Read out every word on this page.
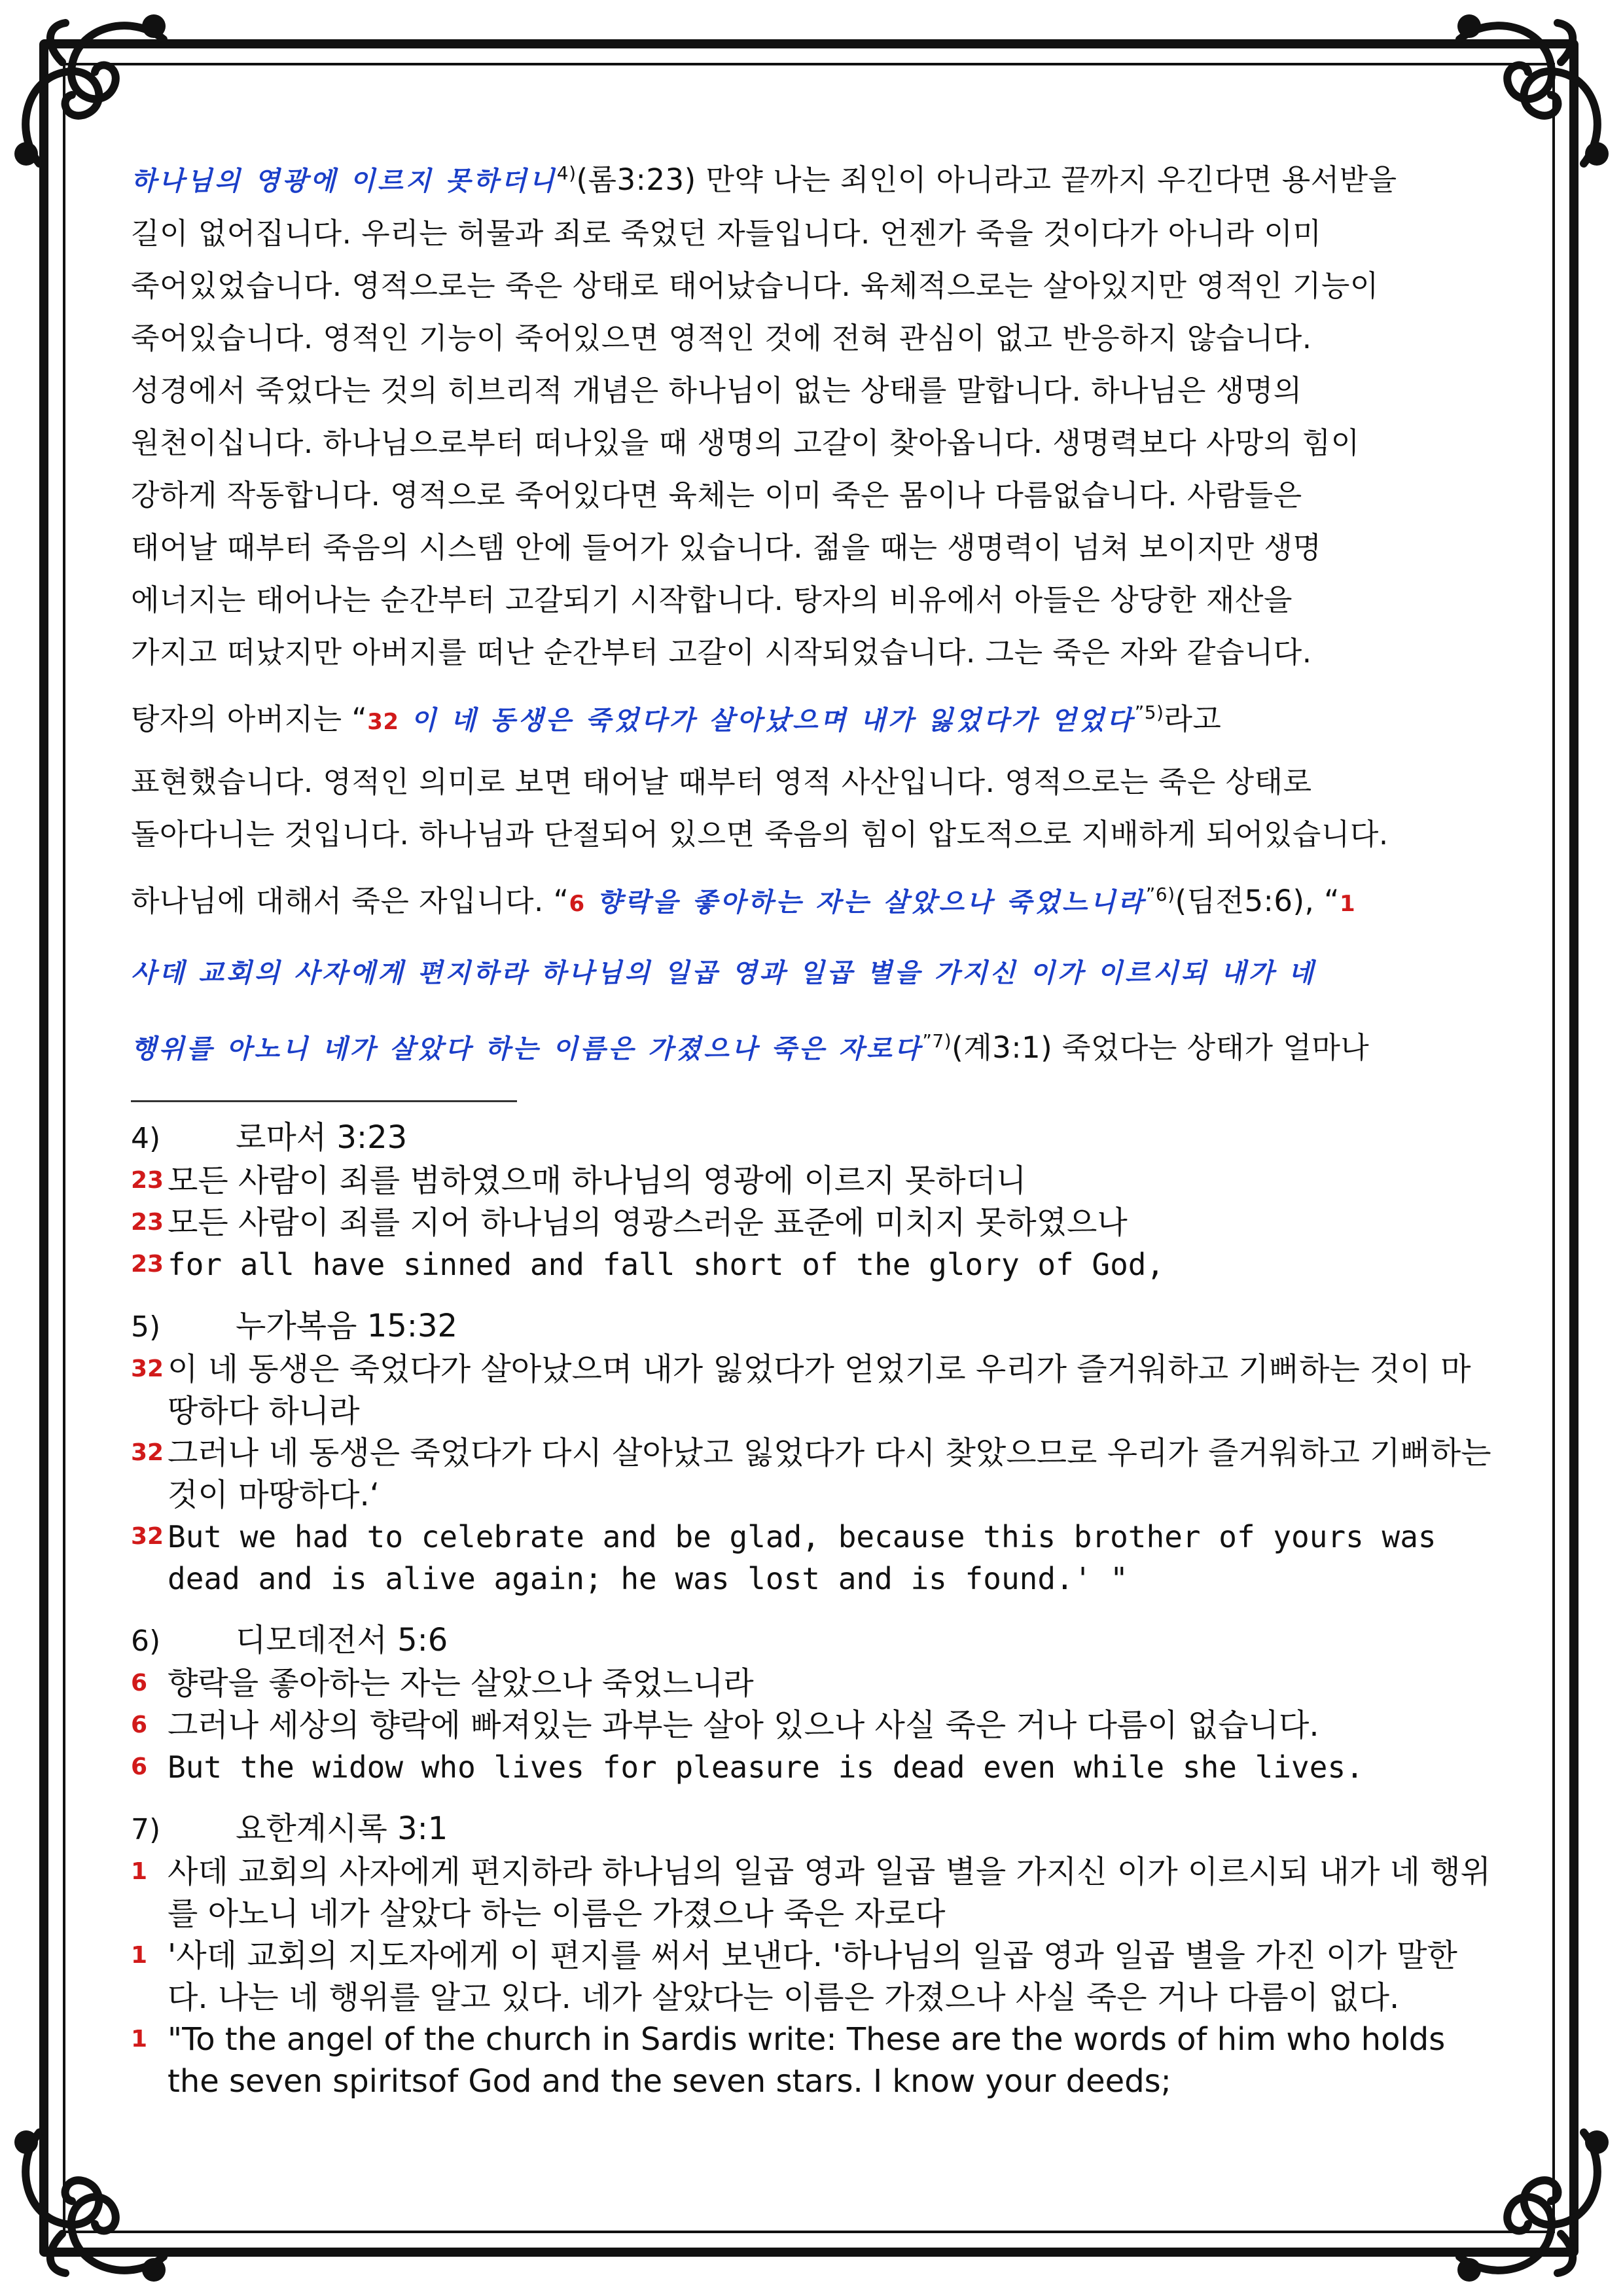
하나님의 영광에 이르지 못하더니$^{4)}$(롬3:23) 만약 나는 죄인이 아니라고 끝까지 우긴다면 용서받을
길이 없어집니다. 우리는 허물과 죄로 죽었던 자들입니다. 언젠가 죽을 것이다가 아니라 이미
죽어있었습니다. 영적으로는 죽은 상태로 태어났습니다. 육체적으로는 살아있지만 영적인 기능이
죽어있습니다. 영적인 기능이 죽어있으면 영적인 것에 전혀 관심이 없고 반응하지 않습니다.
성경에서 죽었다는 것의 히브리적 개념은 하나님이 없는 상태를 말합니다. 하나님은 생명의
원천이십니다. 하나님으로부터 떠나있을 때 생명의 고갈이 찾아옵니다. 생명력보다 사망의 힘이
강하게 작동합니다. 영적으로 죽어있다면 육체는 이미 죽은 몸이나 다름없습니다. 사람들은
태어날 때부터 죽음의 시스템 안에 들어가 있습니다. 젊을 때는 생명력이 넘쳐 보이지만 생명
에너지는 태어나는 순간부터 고갈되기 시작합니다. 탕자의 비유에서 아들은 상당한 재산을
가지고 떠났지만 아버지를 떠난 순간부터 고갈이 시작되었습니다. 그는 죽은 자와 같습니다.
탕자의 아버지는 “32 이 네 동생은 죽었다가 살아났으며 내가 잃었다가 얻었다$^{”5)}$라고
표현했습니다. 영적인 의미로 보면 태어날 때부터 영적 사산입니다. 영적으로는 죽은 상태로
돌아다니는 것입니다. 하나님과 단절되어 있으면 죽음의 힘이 압도적으로 지배하게 되어있습니다.
하나님에 대해서 죽은 자입니다. “6 향락을 좋아하는 자는 살았으나 죽었느니라$^{”6)}$(딤전5:6), “1
사데 교회의 사자에게 편지하라 하나님의 일곱 영과 일곱 별을 가지신 이가 이르시되 내가 네
행위를 아노니 네가 살았다 하는 이름은 가졌으나 죽은 자로다$^{”7)}$(계3:1) 죽었다는 상태가 얼마나
4)	로마서 3:23
23 모든 사람이 죄를 범하였으매 하나님의 영광에 이르지 못하더니
23 모든 사람이 죄를 지어 하나님의 영광스러운 표준에 미치지 못하였으나
23 for all have sinned and fall short of the glory of God,
5)	누가복음 15:32
32 이 네 동생은 죽었다가 살아났으며 내가 잃었다가 얻었기로 우리가 즐거워하고 기뻐하는 것이 마땅하다 하니라
32 그러나 네 동생은 죽었다가 다시 살아났고 잃었다가 다시 찾았으므로 우리가 즐거워하고 기뻐하는 것이 마땅하다.‘
32 But we had to celebrate and be glad, because this brother of yours was dead and is alive again; he was lost and is found.' "
6)	디모데전서 5:6
6 향락을 좋아하는 자는 살았으나 죽었느니라
6 그러나 세상의 향락에 빠져있는 과부는 살아 있으나 사실 죽은 거나 다름이 없습니다.
6 But the widow who lives for pleasure is dead even while she lives.
7)	요한계시록 3:1
1 사데 교회의 사자에게 편지하라 하나님의 일곱 영과 일곱 별을 가지신 이가 이르시되 내가 네 행위를 아노니 네가 살았다 하는 이름은 가졌으나 죽은 자로다
1 '사데 교회의 지도자에게 이 편지를 써서 보낸다. '하나님의 일곱 영과 일곱 별을 가진 이가 말한다. 나는 네 행위를 알고 있다. 네가 살았다는 이름은 가졌으나 사실 죽은 거나 다름이 없다.
1 "To the angel of the church in Sardis write: These are the words of him who holds the seven spiritsof God and the seven stars. I know your deeds;
